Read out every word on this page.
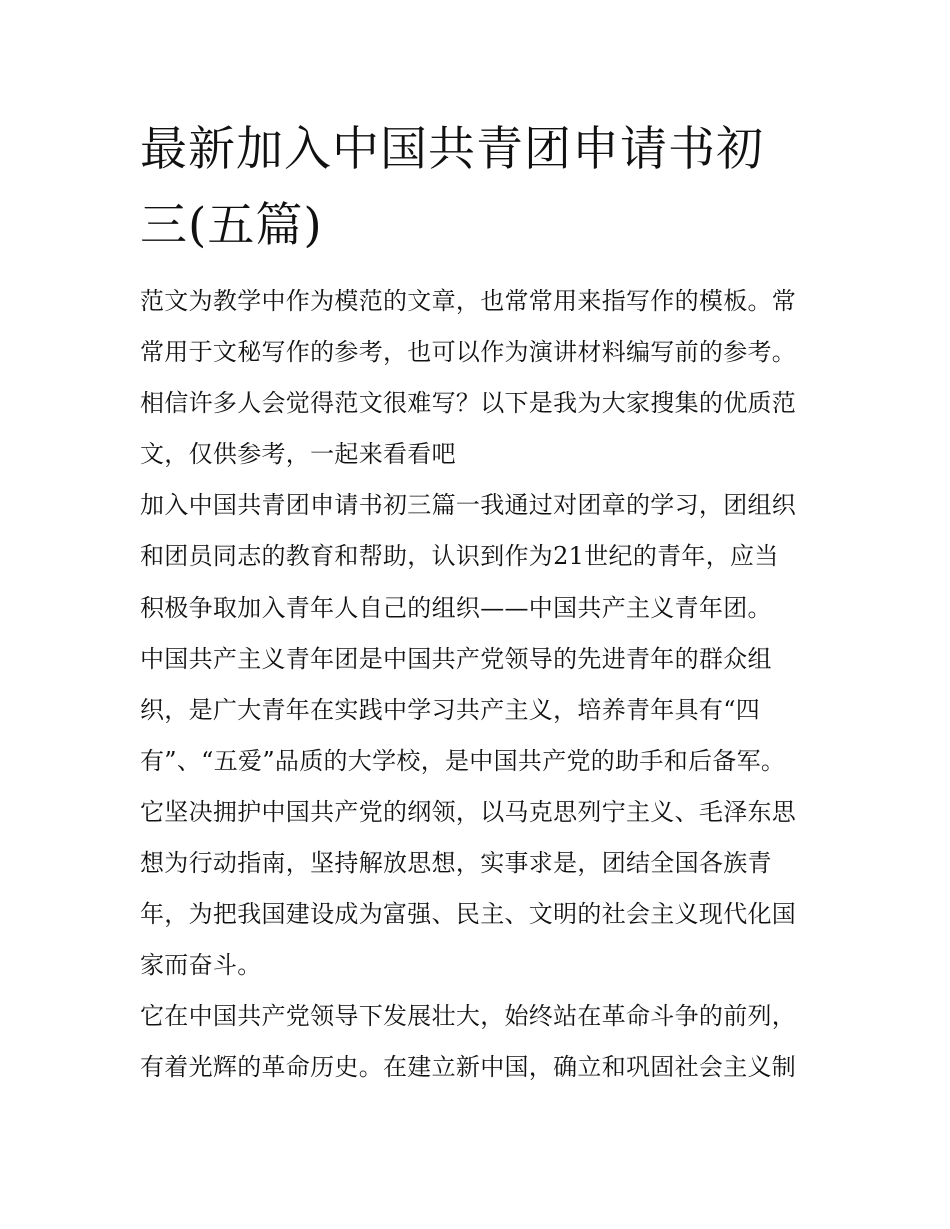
最新加入中国共青团申请书初
三(五篇)
范文为教学中作为模范的文章，也常常用来指写作的模板。常
常用于文秘写作的参考，也可以作为演讲材料编写前的参考。
相信许多人会觉得范文很难写？以下是我为大家搜集的优质范
文，仅供参考，一起来看看吧
加入中国共青团申请书初三篇一我通过对团章的学习，团组织
和团员同志的教育和帮助，认识到作为21世纪的青年，应当
积极争取加入青年人自己的组织——中国共产主义青年团。
中国共产主义青年团是中国共产党领导的先进青年的群众组
织，是广大青年在实践中学习共产主义，培养青年具有“四
有”、“五爱”品质的大学校，是中国共产党的助手和后备军。
它坚决拥护中国共产党的纲领，以马克思列宁主义、毛泽东思
想为行动指南，坚持解放思想，实事求是，团结全国各族青
年，为把我国建设成为富强、民主、文明的社会主义现代化国
家而奋斗。
它在中国共产党领导下发展壮大，始终站在革命斗争的前列，
有着光辉的革命历史。在建立新中国，确立和巩固社会主义制
